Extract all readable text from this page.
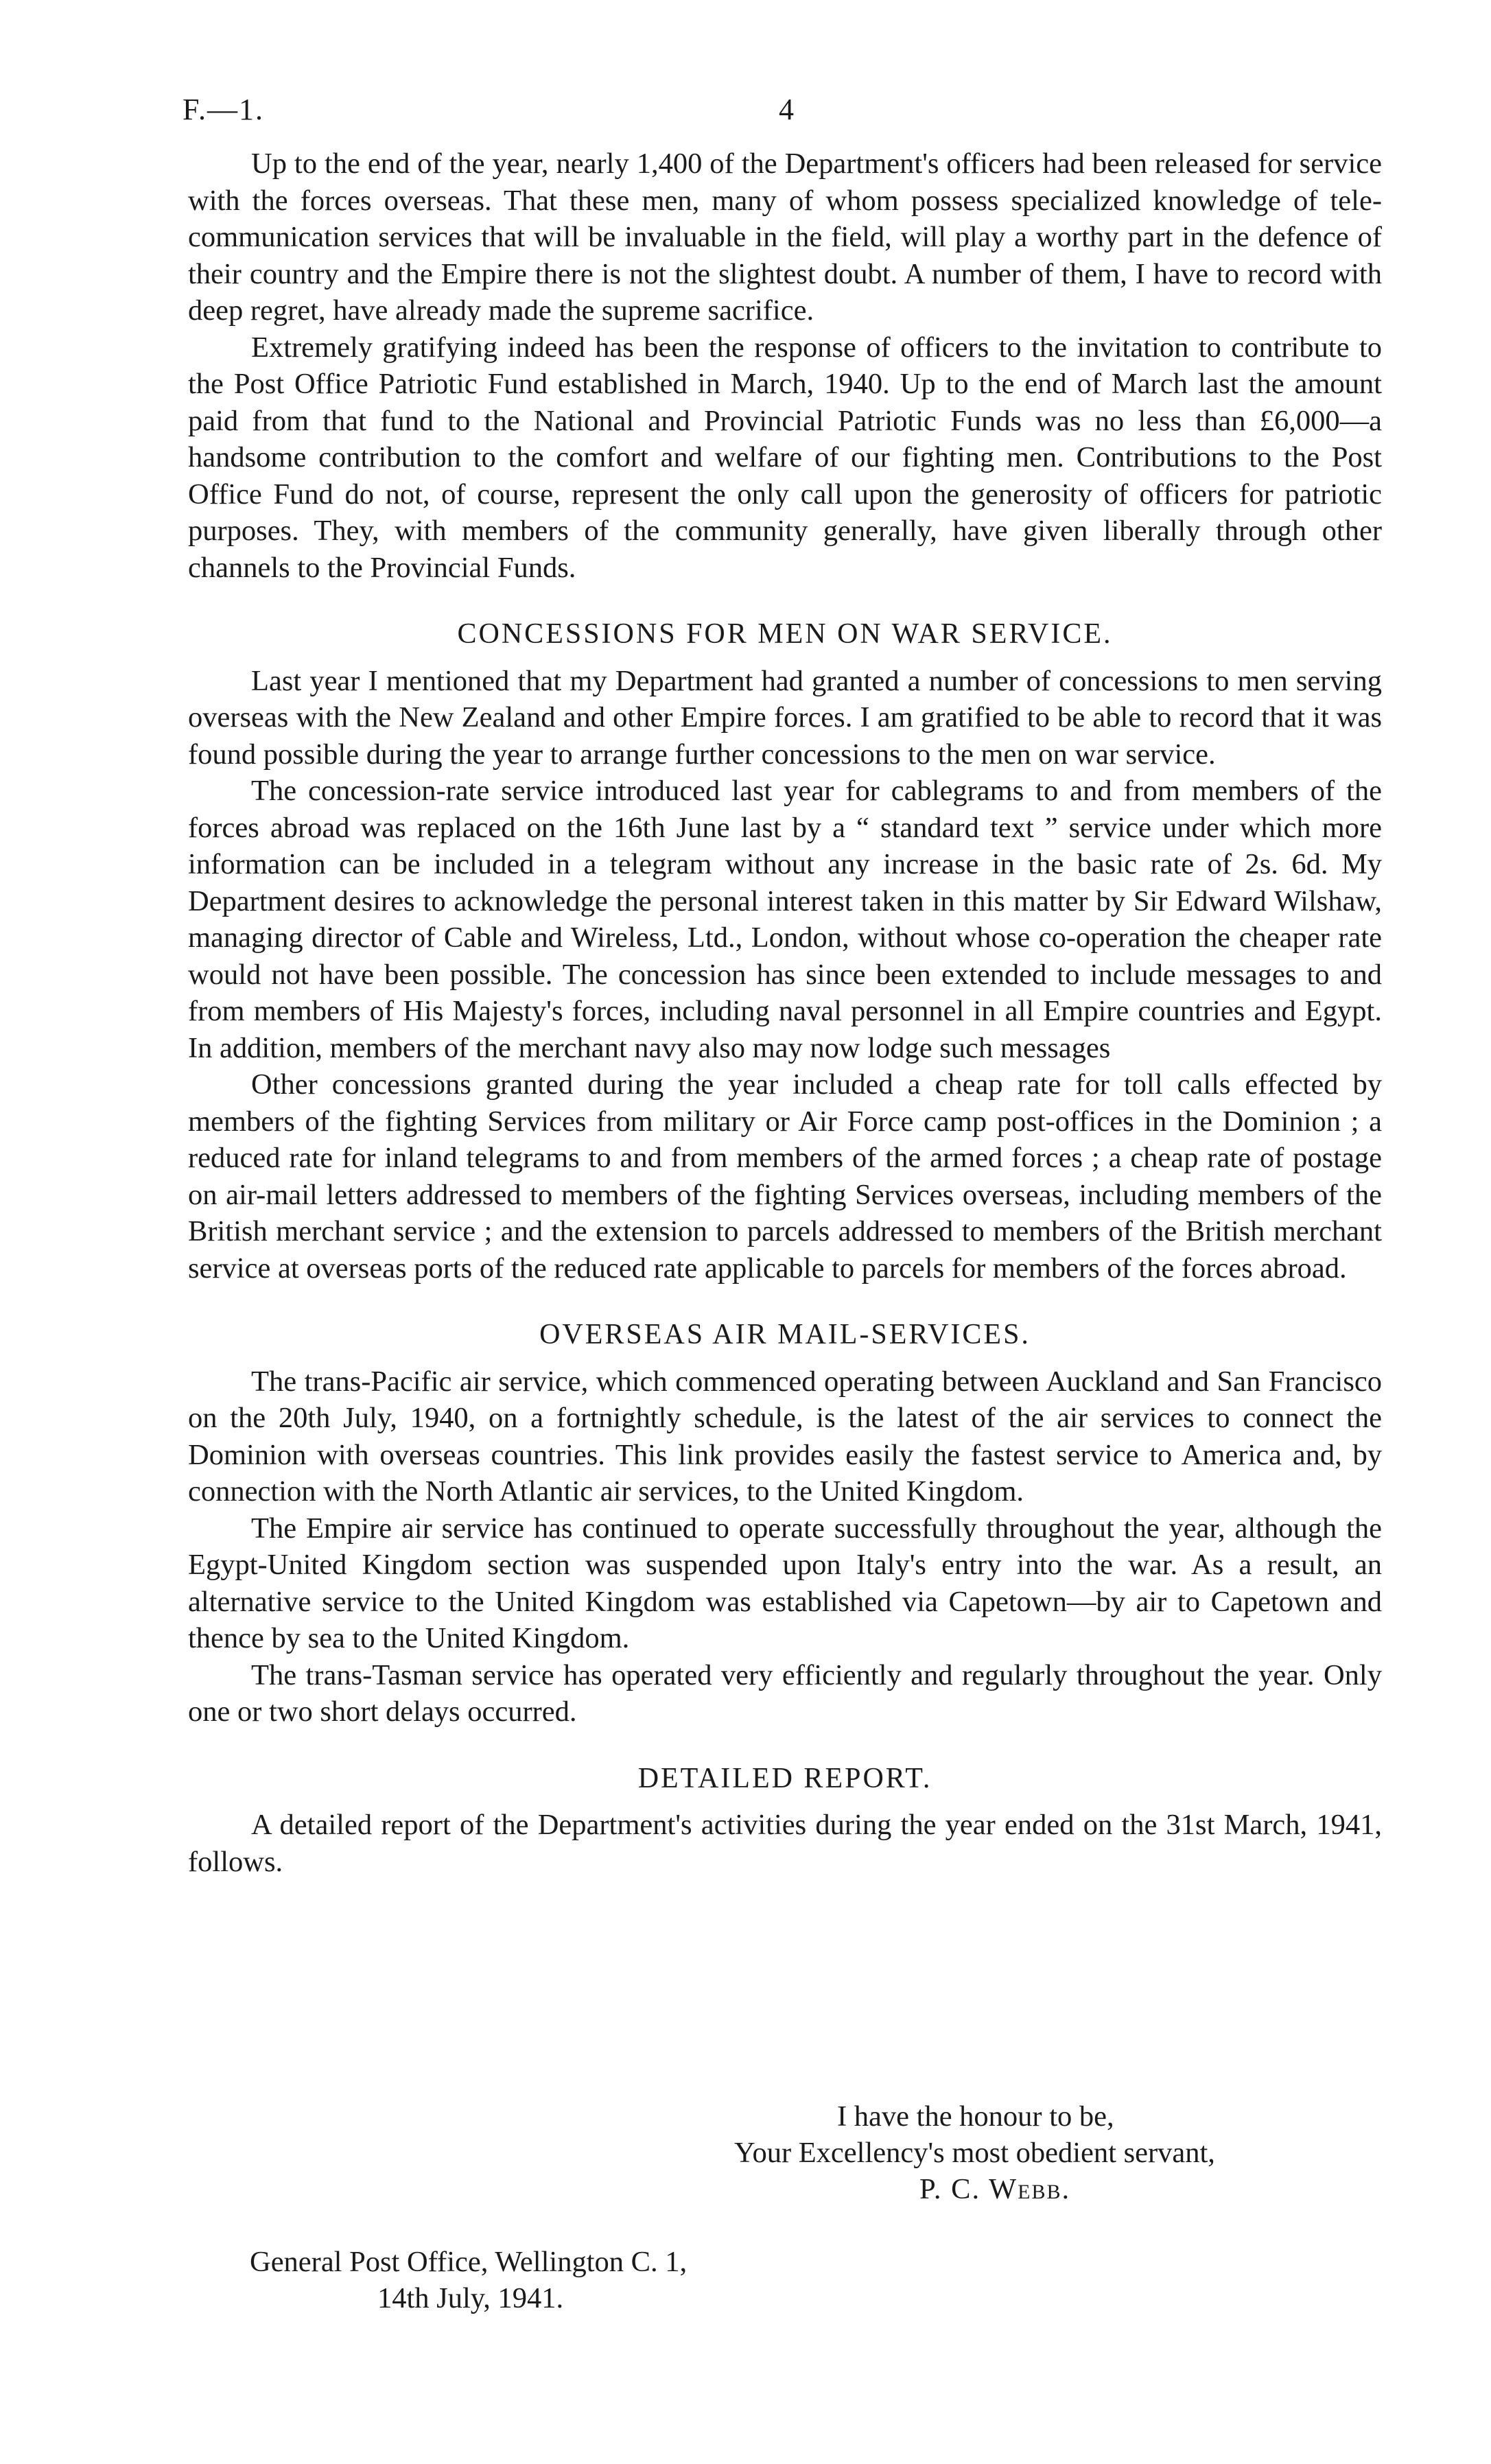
F.—1.	4

Up to the end of the year, nearly 1,400 of the Department's officers had been released for service with the forces overseas. That these men, many of whom possess specialized knowledge of tele-communication services that will be invaluable in the field, will play a worthy part in the defence of their country and the Empire there is not the slightest doubt. A number of them, I have to record with deep regret, have already made the supreme sacrifice.

Extremely gratifying indeed has been the response of officers to the invitation to contribute to the Post Office Patriotic Fund established in March, 1940. Up to the end of March last the amount paid from that fund to the National and Provincial Patriotic Funds was no less than £6,000—a handsome contribution to the comfort and welfare of our fighting men. Contributions to the Post Office Fund do not, of course, represent the only call upon the generosity of officers for patriotic purposes. They, with members of the community generally, have given liberally through other channels to the Provincial Funds.

CONCESSIONS FOR MEN ON WAR SERVICE.

Last year I mentioned that my Department had granted a number of concessions to men serving overseas with the New Zealand and other Empire forces. I am gratified to be able to record that it was found possible during the year to arrange further concessions to the men on war service.

The concession-rate service introduced last year for cablegrams to and from members of the forces abroad was replaced on the 16th June last by a “ standard text ” service under which more information can be included in a telegram without any increase in the basic rate of 2s. 6d. My Department desires to acknowledge the personal interest taken in this matter by Sir Edward Wilshaw, managing director of Cable and Wireless, Ltd., London, without whose co-operation the cheaper rate would not have been possible. The concession has since been extended to include messages to and from members of His Majesty's forces, including naval personnel in all Empire countries and Egypt. In addition, members of the merchant navy also may now lodge such messages

Other concessions granted during the year included a cheap rate for toll calls effected by members of the fighting Services from military or Air Force camp post-offices in the Dominion ; a reduced rate for inland telegrams to and from members of the armed forces ; a cheap rate of postage on air-mail letters addressed to members of the fighting Services overseas, including members of the British merchant service ; and the extension to parcels addressed to members of the British merchant service at overseas ports of the reduced rate applicable to parcels for members of the forces abroad.

OVERSEAS AIR MAIL-SERVICES.

The trans-Pacific air service, which commenced operating between Auckland and San Francisco on the 20th July, 1940, on a fortnightly schedule, is the latest of the air services to connect the Dominion with overseas countries. This link provides easily the fastest service to America and, by connection with the North Atlantic air services, to the United Kingdom.

The Empire air service has continued to operate successfully throughout the year, although the Egypt-United Kingdom section was suspended upon Italy's entry into the war. As a result, an alternative service to the United Kingdom was established via Capetown—by air to Capetown and thence by sea to the United Kingdom.

The trans-Tasman service has operated very efficiently and regularly throughout the year. Only one or two short delays occurred.

DETAILED REPORT.

A detailed report of the Department's activities during the year ended on the 31st March, 1941, follows.

I have the honour to be,
Your Excellency's most obedient servant,
P. C. Webb.
General Post Office, Wellington C. 1,
14th July, 1941.
